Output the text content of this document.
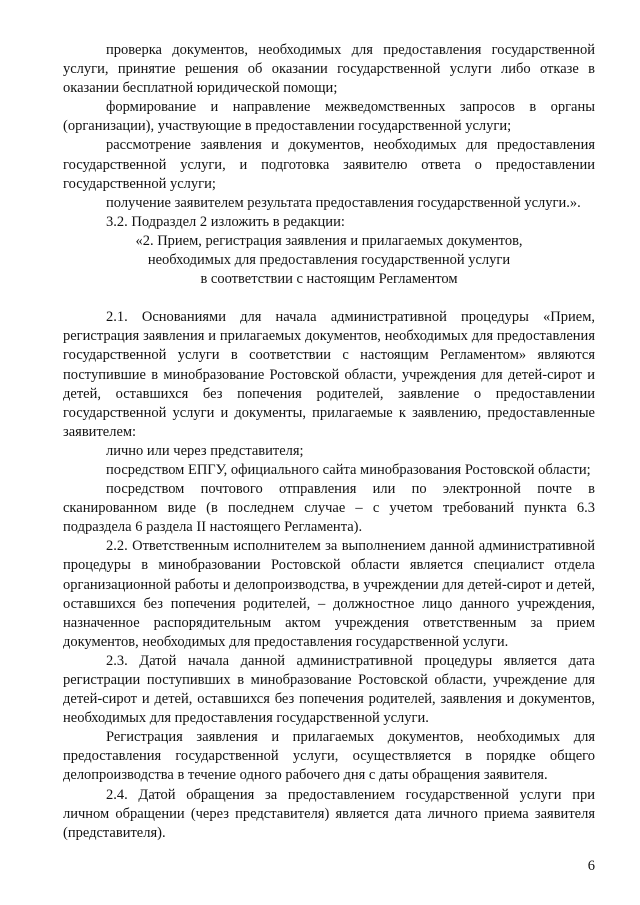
проверка документов, необходимых для предоставления государственной услуги, принятие решения об оказании государственной услуги либо отказе в оказании бесплатной юридической помощи;

формирование и направление межведомственных запросов в органы (организации), участвующие в предоставлении государственной услуги;

рассмотрение заявления и документов, необходимых для предоставления государственной услуги, и подготовка заявителю ответа о предоставлении государственной услуги;

получение заявителем результата предоставления государственной услуги.».

3.2. Подраздел 2 изложить в редакции:

«2. Прием, регистрация заявления и прилагаемых документов,

необходимых для предоставления государственной услуги

в соответствии с настоящим Регламентом

2.1. Основаниями для начала административной процедуры «Прием, регистрация заявления и прилагаемых документов, необходимых для предоставления государственной услуги в соответствии с настоящим Регламентом» являются поступившие в минобразование Ростовской области, учреждения для детей-сирот и детей, оставшихся без попечения родителей, заявление о предоставлении государственной услуги и документы, прилагаемые к заявлению, предоставленные заявителем:

лично или через представителя;

посредством ЕПГУ, официального сайта минобразования Ростовской области;

посредством почтового отправления или по электронной почте в сканированном виде (в последнем случае – с учетом требований пункта 6.3 подраздела 6 раздела II настоящего Регламента).

2.2. Ответственным исполнителем за выполнением данной административной процедуры в минобразовании Ростовской области является специалист отдела организационной работы и делопроизводства, в учреждении для детей-сирот и детей, оставшихся без попечения родителей, – должностное лицо данного учреждения, назначенное распорядительным актом учреждения ответственным за прием документов, необходимых для предоставления государственной услуги.

2.3. Датой начала данной административной процедуры является дата регистрации поступивших в минобразование Ростовской области, учреждение для детей-сирот и детей, оставшихся без попечения родителей, заявления и документов, необходимых для предоставления государственной услуги.

Регистрация заявления и прилагаемых документов, необходимых для предоставления государственной услуги, осуществляется в порядке общего делопроизводства в течение одного рабочего дня с даты обращения заявителя.

2.4. Датой обращения за предоставлением государственной услуги при личном обращении (через представителя) является дата личного приема заявителя (представителя).

6
